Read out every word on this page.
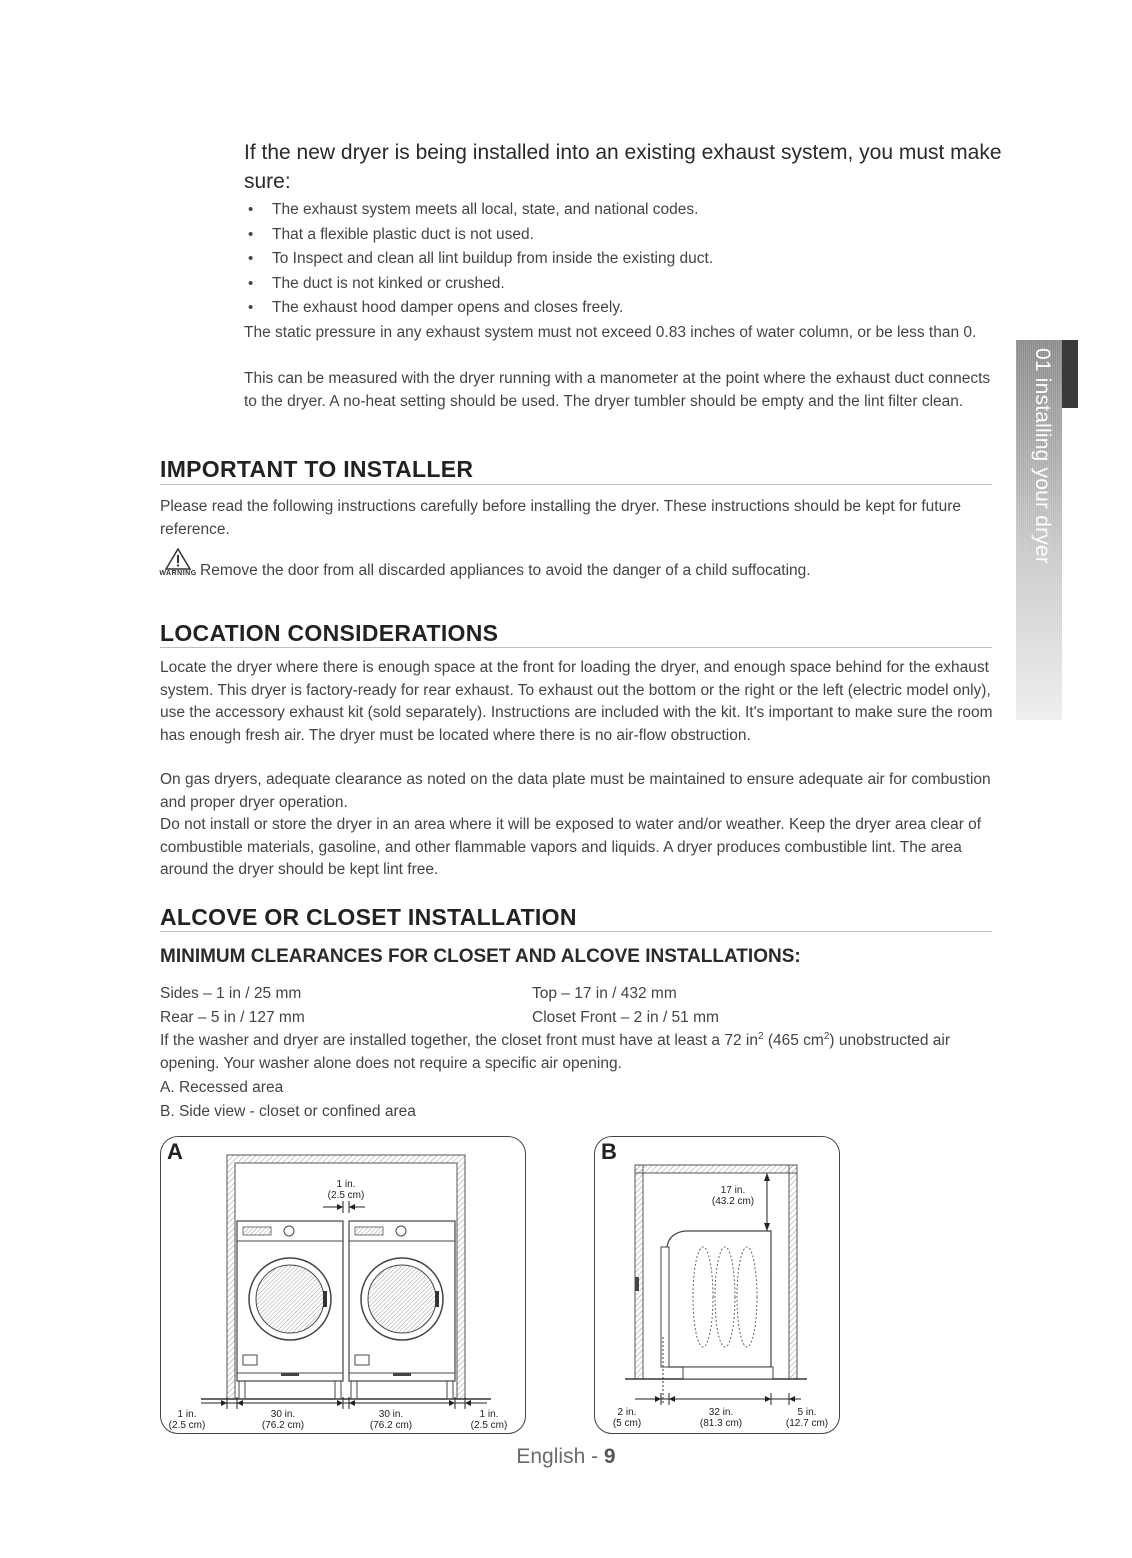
If the new dryer is being installed into an existing exhaust system, you must make sure:
• The exhaust system meets all local, state, and national codes.
• That a flexible plastic duct is not used.
• To Inspect and clean all lint buildup from inside the existing duct.
• The duct is not kinked or crushed.
• The exhaust hood damper opens and closes freely.

The static pressure in any exhaust system must not exceed 0.83 inches of water column, or be less than 0.

This can be measured with the dryer running with a manometer at the point where the exhaust duct connects to the dryer. A no-heat setting should be used. The dryer tumbler should be empty and the lint filter clean.

IMPORTANT TO INSTALLER

Please read the following instructions carefully before installing the dryer. These instructions should be kept for future reference.

WARNING Remove the door from all discarded appliances to avoid the danger of a child suffocating.

LOCATION CONSIDERATIONS

Locate the dryer where there is enough space at the front for loading the dryer, and enough space behind for the exhaust system. This dryer is factory-ready for rear exhaust. To exhaust out the bottom or the right or the left (electric model only), use the accessory exhaust kit (sold separately). Instructions are included with the kit. It's important to make sure the room has enough fresh air. The dryer must be located where there is no air-flow obstruction.

On gas dryers, adequate clearance as noted on the data plate must be maintained to ensure adequate air for combustion and proper dryer operation.

Do not install or store the dryer in an area where it will be exposed to water and/or weather. Keep the dryer area clear of combustible materials, gasoline, and other flammable vapors and liquids. A dryer produces combustible lint. The area around the dryer should be kept lint free.

ALCOVE OR CLOSET INSTALLATION
MINIMUM CLEARANCES FOR CLOSET AND ALCOVE INSTALLATIONS:
Sides – 1 in / 25 mm	Top – 17 in / 432 mm
Rear – 5 in / 127 mm	Closet Front – 2 in / 51 mm

If the washer and dryer are installed together, the closet front must have at least a 72 $in^2$ (465 $cm^2$) unobstructed air opening. Your washer alone does not require a specific air opening.

A. Recessed area
B. Side view - closet or confined area
A
1 in.
(2.5 cm)
1 in.
(2.5 cm)
30 in.
(76.2 cm)
30 in.
(76.2 cm)
1 in.
(2.5 cm)
B
17 in.
(43.2 cm)
2 in.
(5 cm)
32 in.
(81.3 cm)
5 in.
(12.7 cm)
01 installing your dryer
English - 9
